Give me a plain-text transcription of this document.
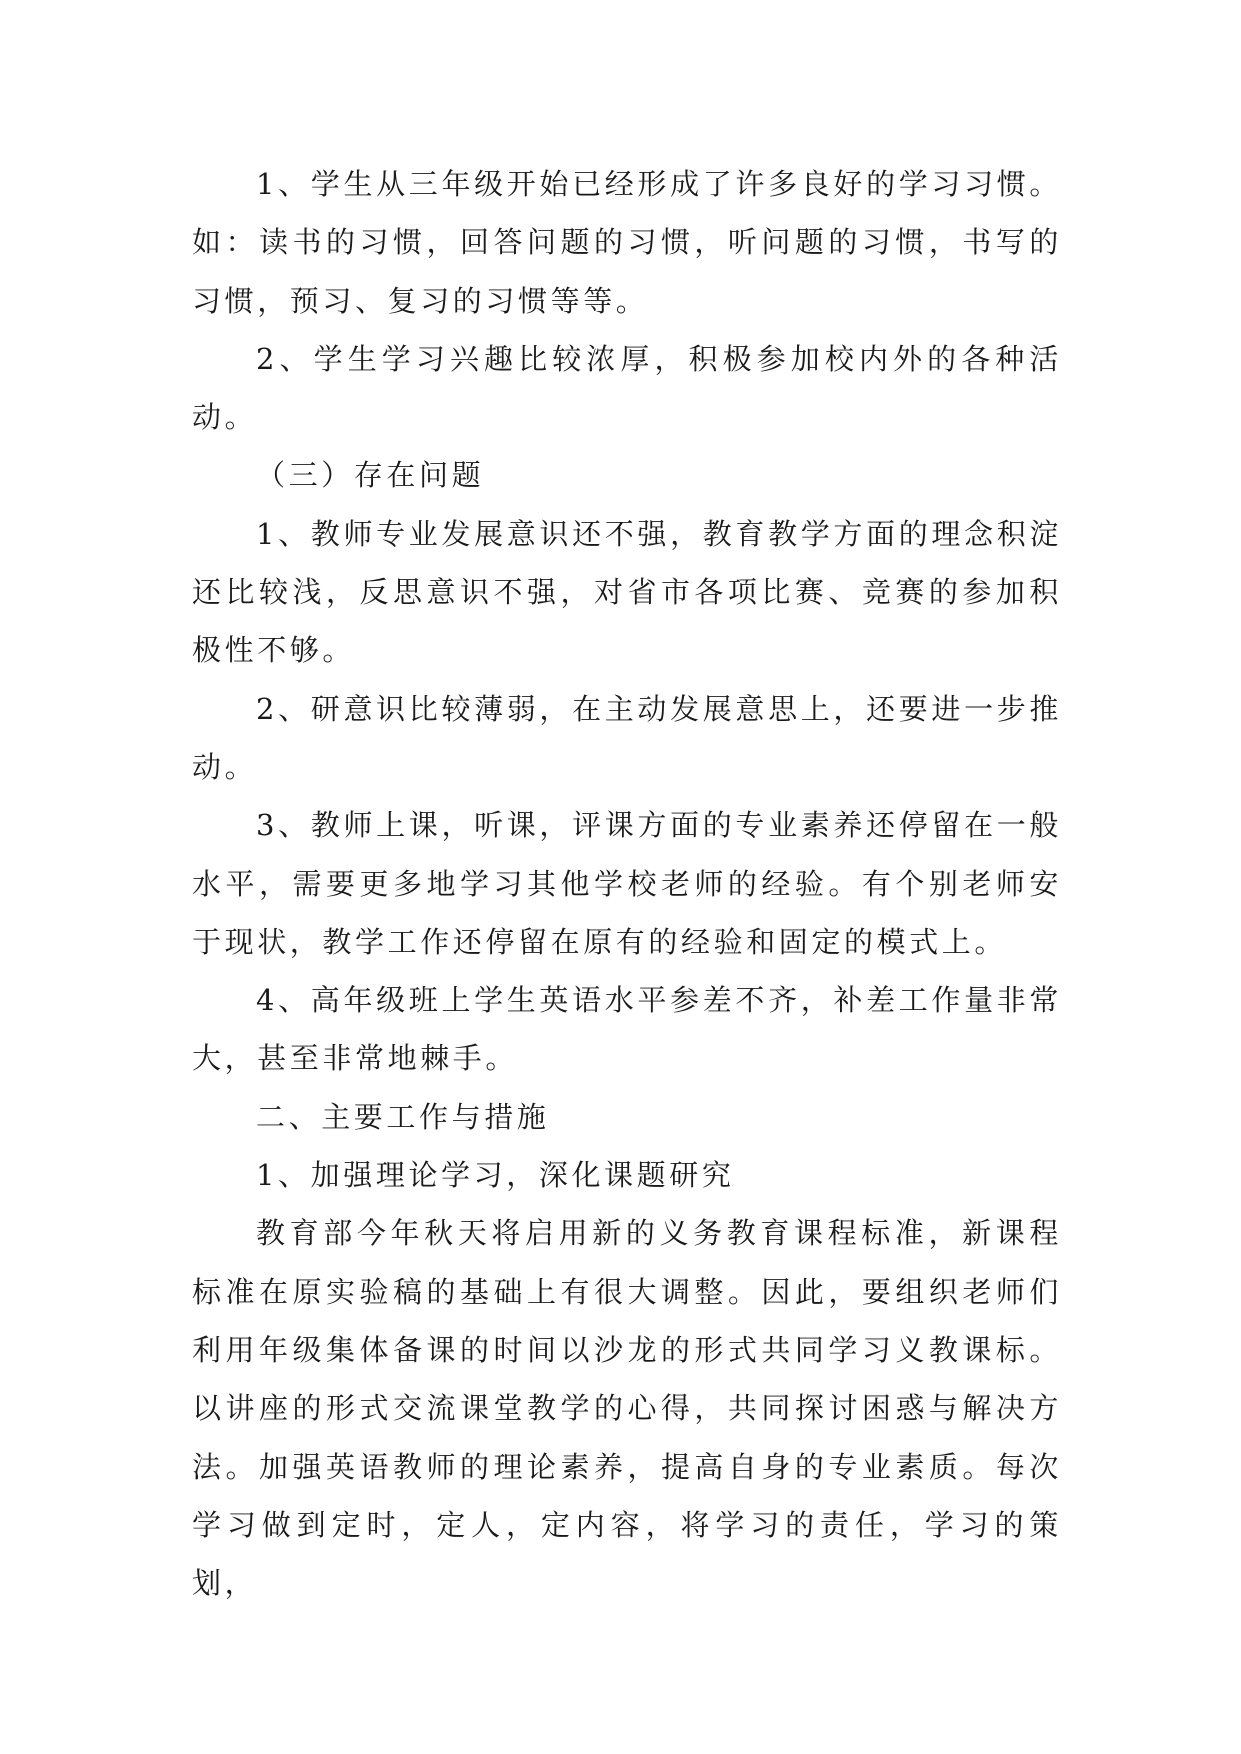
1、学生从三年级开始已经形成了许多良好的学习习惯。如：读书的习惯，回答问题的习惯，听问题的习惯，书写的习惯，预习、复习的习惯等等。

2、学生学习兴趣比较浓厚，积极参加校内外的各种活动。

（三）存在问题

1、教师专业发展意识还不强，教育教学方面的理念积淀还比较浅，反思意识不强，对省市各项比赛、竞赛的参加积极性不够。

2、研意识比较薄弱，在主动发展意思上，还要进一步推动。

3、教师上课，听课，评课方面的专业素养还停留在一般水平，需要更多地学习其他学校老师的经验。有个别老师安于现状，教学工作还停留在原有的经验和固定的模式上。

4、高年级班上学生英语水平参差不齐，补差工作量非常大，甚至非常地棘手。

二、主要工作与措施

1、加强理论学习，深化课题研究

教育部今年秋天将启用新的义务教育课程标准，新课程标准在原实验稿的基础上有很大调整。因此，要组织老师们利用年级集体备课的时间以沙龙的形式共同学习义教课标。以讲座的形式交流课堂教学的心得，共同探讨困惑与解决方法。加强英语教师的理论素养，提高自身的专业素质。每次学习做到定时，定人，定内容，将学习的责任，学习的策划，
